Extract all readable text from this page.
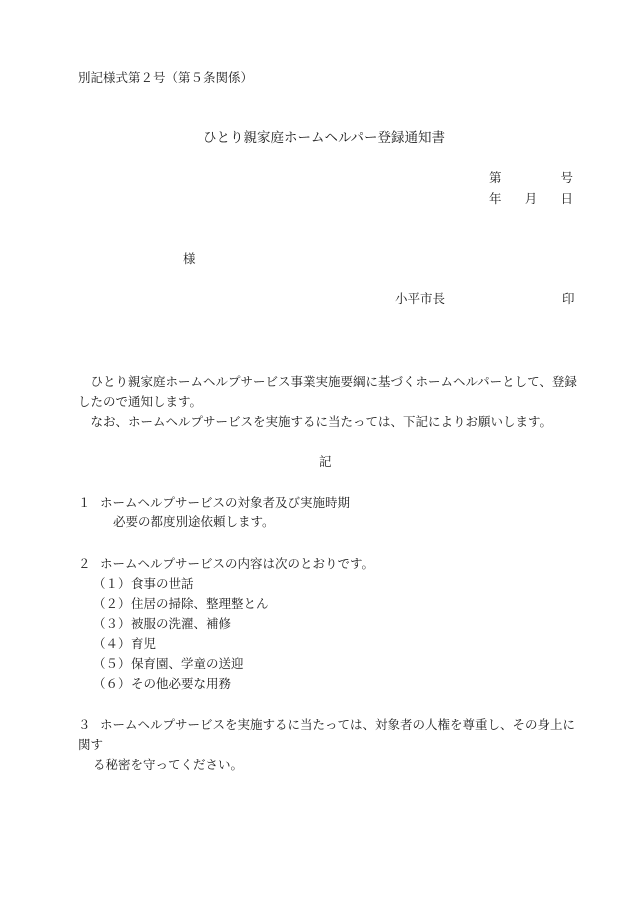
別記様式第２号（第５条関係）
ひとり親家庭ホームヘルパー登録通知書
第	号
年 月 日
様
小平市長	印

ひとり親家庭ホームヘルプサービス事業実施要綱に基づくホームヘルパーとして、登録したので通知します。

なお、ホームヘルプサービスを実施するに当たっては、下記によりお願いします。

記
１ ホームヘルプサービスの対象者及び実施時期
必要の都度別途依頼します。
２ ホームヘルプサービスの内容は次のとおりです。
（１） 食事の世話
（２） 住居の掃除、整理整とん
（３） 被服の洗濯、補修
（４） 育児
（５） 保育園、学童の送迎
（６） その他必要な用務
３ ホームヘルプサービスを実施するに当たっては、対象者の人権を尊重し、その身上に関す
る秘密を守ってください。
